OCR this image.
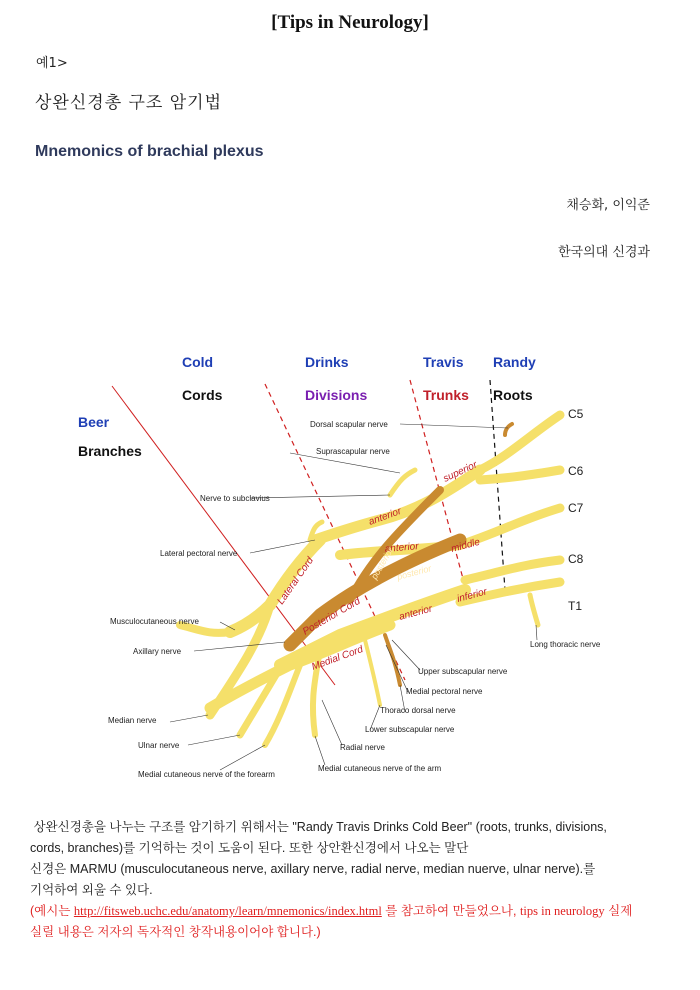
[Tips in Neurology]
예1>
상완신경총 구조 암기법
Mnemonics of brachial plexus
채승화, 이익준
한국의대 신경과
Cold
Cords
Drinks
Divisions
Travis
Trunks
Randy
Roots
Beer
Branches
superior
middle
inferior
anterior
anterior
anterior
posterior posterior
Lateral Cord
Posterior Cord
Medial Cord
C5
C6
C7
C8
T1
Dorsal scapular nerve
Suprascapular nerve
Nerve to subclavius
Lateral pectoral nerve
Musculocutaneous nerve
Axillary nerve
Median nerve
Ulnar nerve
Medial cutaneous nerve of the forearm
Medial cutaneous nerve of the arm
Radial nerve
Lower subscapular nerve
Thoraco dorsal nerve
Medial pectoral nerve
Upper subscapular nerve
Long thoracic nerve

상완신경총을 나누는 구조를 암기하기 위해서는 "Randy Travis Drinks Cold Beer" (roots, trunks, divisions,

cords, branches)를 기억하는 것이 도움이 된다. 또한 상안환신경에서 나오는 말단

신경은 MARMU (musculocutaneous nerve, axillary nerve, radial nerve, median nuerve, ulnar nerve).를

기억하여 외울 수 있다.

(예시는 http://fitsweb.uchc.edu/anatomy/learn/mnemonics/index.html 를 참고하여 만들었으나, tips in neurology 실제

실릴 내용은 저자의 독자적인 창작내용이어야 합니다.)
